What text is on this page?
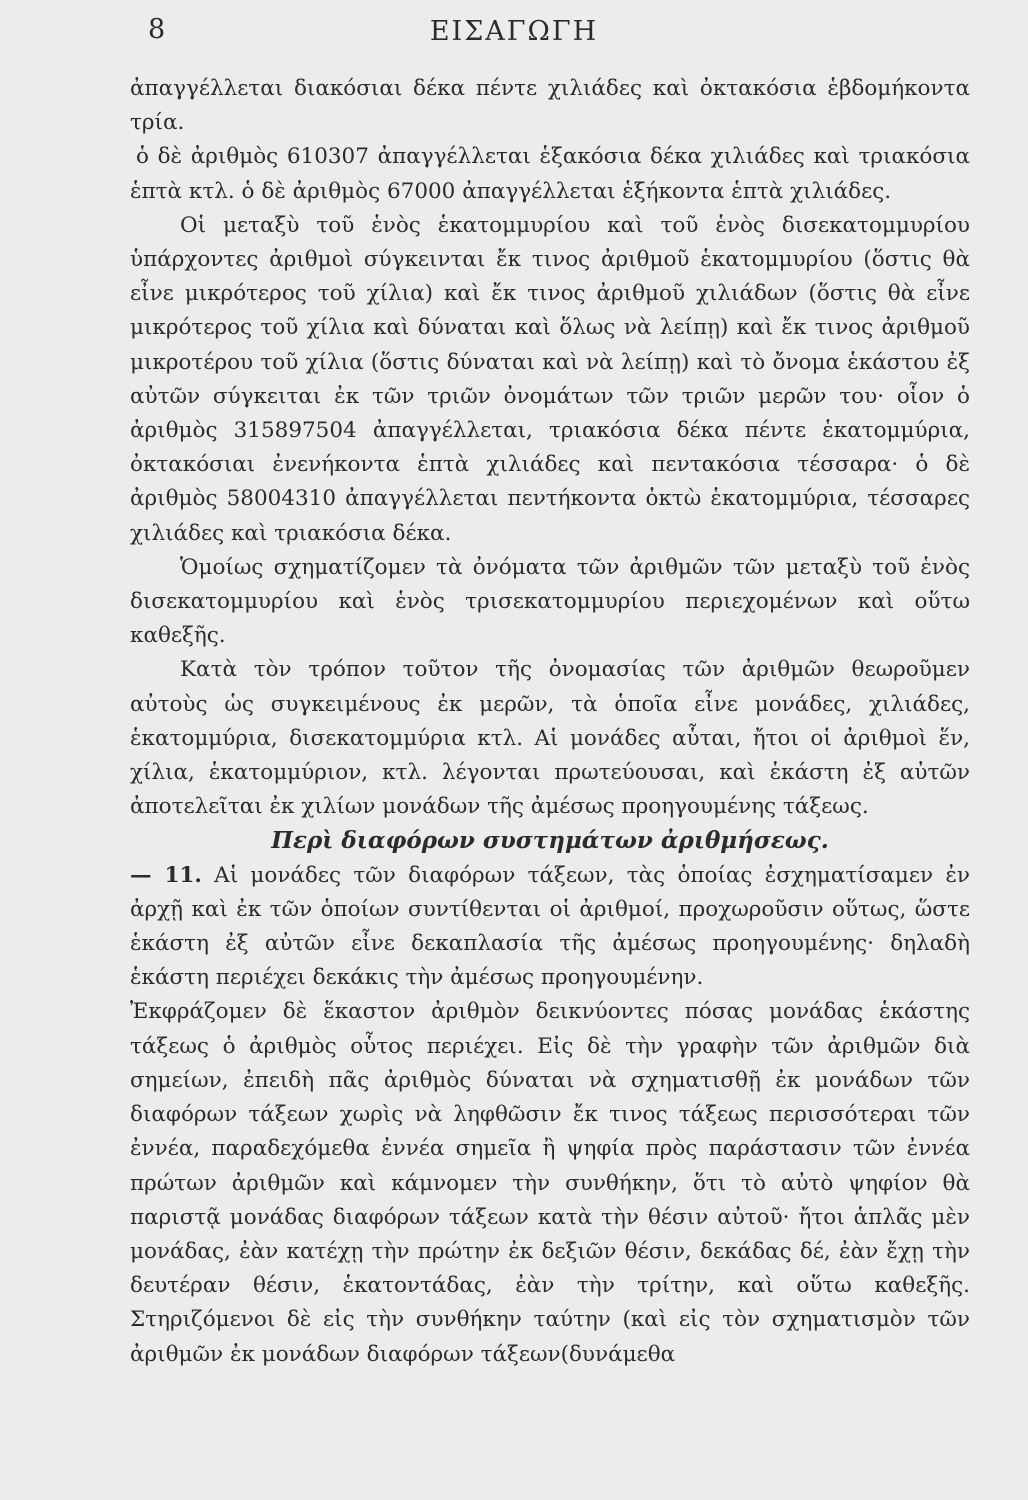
8	ΕΙΣΑΓΩΓΗ

ἀπαγγέλλεται διακόσιαι δέκα πέντε χιλιάδες καὶ ὀκτακόσια ἑβδομήκοντα τρία.

ὁ δὲ ἀριθμὸς 610307 ἀπαγγέλλεται ἑξακόσια δέκα χιλιάδες καὶ τριακόσια ἑπτὰ κτλ. ὁ δὲ ἀριθμὸς 67000 ἀπαγγέλλεται ἑξήκοντα ἑπτὰ χιλιάδες.

Οἱ μεταξὺ τοῦ ἑνὸς ἑκατομμυρίου καὶ τοῦ ἑνὸς δισεκατομμυρίου ὑπάρχοντες ἀριθμοὶ σύγκεινται ἔκ τινος ἀριθμοῦ ἑκατομμυρίου (ὅστις θὰ εἶνε μικρότερος τοῦ χίλια) καὶ ἔκ τινος ἀριθμοῦ χιλιάδων (ὅστις θὰ εἶνε μικρότερος τοῦ χίλια καὶ δύναται καὶ ὅλως νὰ λείπῃ) καὶ ἔκ τινος ἀριθμοῦ μικροτέρου τοῦ χίλια (ὅστις δύναται καὶ νὰ λείπῃ) καὶ τὸ ὄνομα ἑκάστου ἐξ αὐτῶν σύγκειται ἐκ τῶν τριῶν ὀνομάτων τῶν τριῶν μερῶν του· οἷον ὁ ἀριθμὸς 315897504 ἀπαγγέλλεται, τριακόσια δέκα πέντε ἑκατομμύρια, ὀκτακόσιαι ἐνενήκοντα ἑπτὰ χιλιάδες καὶ πεντακόσια τέσσαρα· ὁ δὲ ἀριθμὸς 58004310 ἀπαγγέλλεται πεντήκοντα ὀκτὼ ἑκατομμύρια, τέσσαρες χιλιάδες καὶ τριακόσια δέκα.

Ὁμοίως σχηματίζομεν τὰ ὀνόματα τῶν ἀριθμῶν τῶν μεταξὺ τοῦ ἑνὸς δισεκατομμυρίου καὶ ἑνὸς τρισεκατομμυρίου περιεχομένων καὶ οὕτω καθεξῆς.

Κατὰ τὸν τρόπον τοῦτον τῆς ὀνομασίας τῶν ἀριθμῶν θεωροῦμεν αὐτοὺς ὡς συγκειμένους ἐκ μερῶν, τὰ ὁποῖα εἶνε μονάδες, χιλιάδες, ἑκατομμύρια, δισεκατομμύρια κτλ. Αἱ μονάδες αὗται, ἤτοι οἱ ἀριθμοὶ ἕν, χίλια, ἑκατομμύριον, κτλ. λέγονται πρωτεύουσαι, καὶ ἑκάστη ἐξ αὐτῶν ἀποτελεῖται ἐκ χιλίων μονάδων τῆς ἀμέσως προηγουμένης τάξεως.

Περὶ διαφόρων συστημάτων ἀριθμήσεως.

— 11. Αἱ μονάδες τῶν διαφόρων τάξεων, τὰς ὁποίας ἐσχηματίσαμεν ἐν ἀρχῇ καὶ ἐκ τῶν ὁποίων συντίθενται οἱ ἀριθμοί, προχωροῦσιν οὕτως, ὥστε ἑκάστη ἐξ αὐτῶν εἶνε δεκαπλασία τῆς ἀμέσως προηγουμένης· δηλαδὴ ἑκάστη περιέχει δεκάκις τὴν ἀμέσως προηγουμένην.

Ἐκφράζομεν δὲ ἕκαστον ἀριθμὸν δεικνύοντες πόσας μονάδας ἑκάστης τάξεως ὁ ἀριθμὸς οὗτος περιέχει. Εἰς δὲ τὴν γραφὴν τῶν ἀριθμῶν διὰ σημείων, ἐπειδὴ πᾶς ἀριθμὸς δύναται νὰ σχηματισθῇ ἐκ μονάδων τῶν διαφόρων τάξεων χωρὶς νὰ ληφθῶσιν ἔκ τινος τάξεως περισσότεραι τῶν ἐννέα, παραδεχόμεθα ἐννέα σημεῖα ἢ ψηφία πρὸς παράστασιν τῶν ἐννέα πρώτων ἀριθμῶν καὶ κάμνομεν τὴν συνθήκην, ὅτι τὸ αὐτὸ ψηφίον θὰ παριστᾷ μονάδας διαφόρων τάξεων κατὰ τὴν θέσιν αὐτοῦ· ἤτοι ἁπλᾶς μὲν μονάδας, ἐὰν κατέχῃ τὴν πρώτην ἐκ δεξιῶν θέσιν, δεκάδας δέ, ἐὰν ἔχῃ τὴν δευτέραν θέσιν, ἑκατοντάδας, ἐὰν τὴν τρίτην, καὶ οὕτω καθεξῆς. Στηριζόμενοι δὲ εἰς τὴν συνθήκην ταύτην (καὶ εἰς τὸν σχηματισμὸν τῶν ἀριθμῶν ἐκ μονάδων διαφόρων τάξεων(δυνάμεθα
